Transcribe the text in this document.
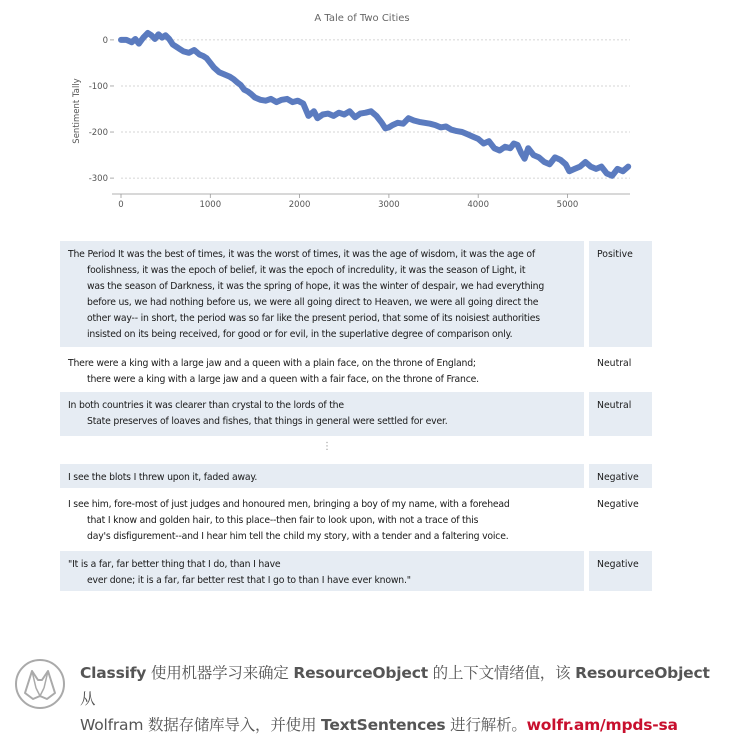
A Tale of Two Cities
Sentiment Tally
0
-100
-200
-300
0	1000	2000	3000	4000	5000
The Period It was the best of times, it was the worst of times, it was the age of wisdom, it was the age of
foolishness, it was the epoch of belief, it was the epoch of incredulity, it was the season of Light, it
was the season of Darkness, it was the spring of hope, it was the winter of despair, we had everything
before us, we had nothing before us, we were all going direct to Heaven, we were all going direct the
other way-- in short, the period was so far like the present period, that some of its noisiest authorities
insisted on its being received, for good or for evil, in the superlative degree of comparison only.
Positive
There were a king with a large jaw and a queen with a plain face, on the throne of England;
there were a king with a large jaw and a queen with a fair face, on the throne of France.
Neutral
In both countries it was clearer than crystal to the lords of the
State preserves of loaves and fishes, that things in general were settled for ever.
Neutral
I see the blots I threw upon it, faded away.	Negative
I see him, fore-most of just judges and honoured men, bringing a boy of my name, with a forehead
that I know and golden hair, to this place--then fair to look upon, with not a trace of this
day's disfigurement--and I hear him tell the child my story, with a tender and a faltering voice.
Negative
"It is a far, far better thing that I do, than I have
ever done; it is a far, far better rest that I go to than I have ever known."
Negative
⋮
Classify 使用机器学习来确定 ResourceObject 的上下文情绪值，该 ResourceObject 从
Wolfram 数据存储库导入，并使用 TextSentences 进行解析。wolfr.am/mpds-sa
